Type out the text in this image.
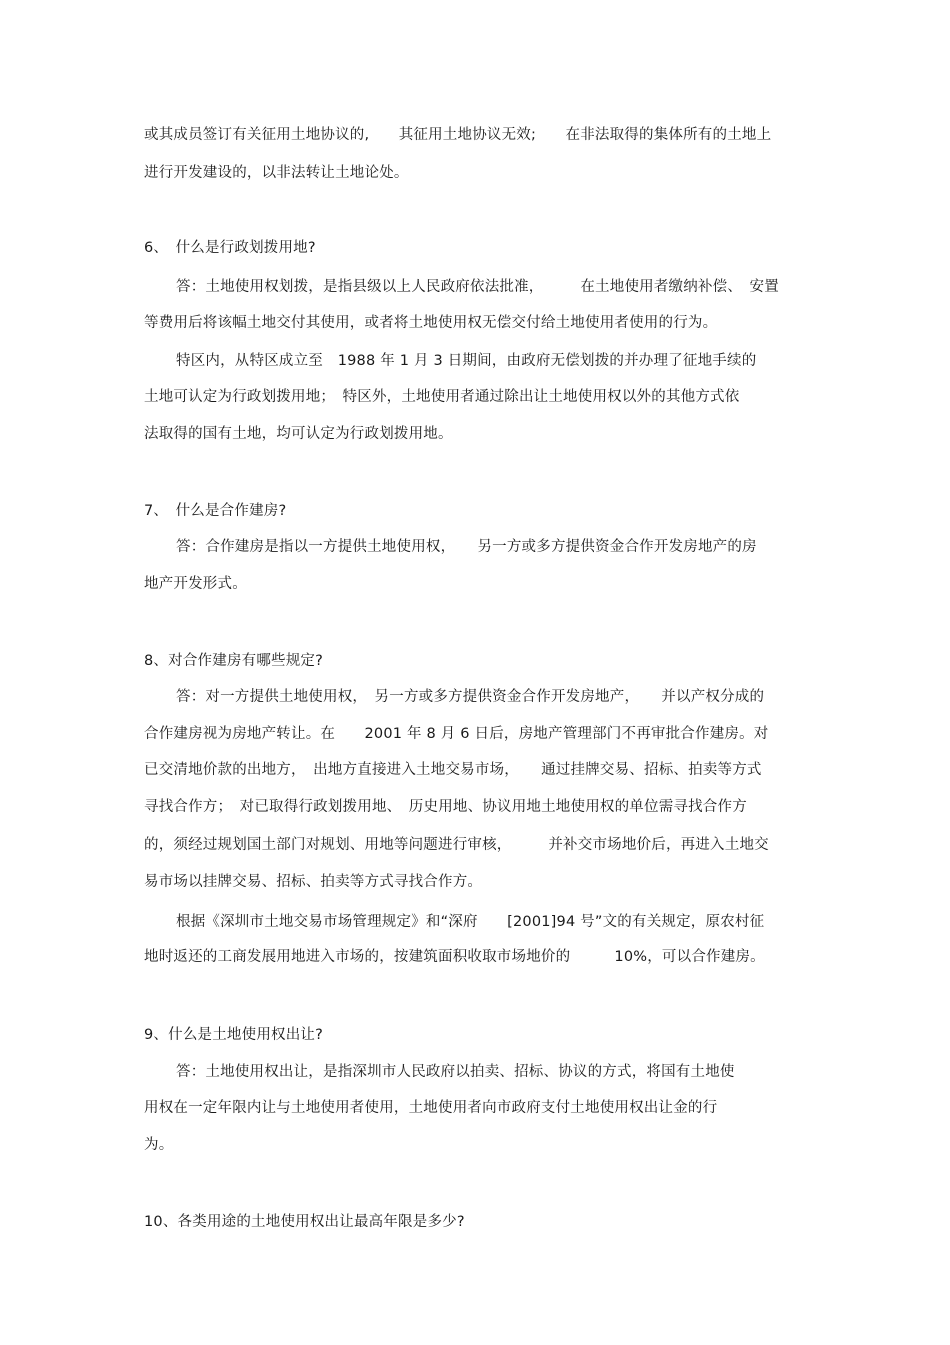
或其成员签订有关征用土地协议的,　　其征用土地协议无效;　　在非法取得的集体所有的土地上
进行开发建设的，以非法转让土地论处。
6、　什么是行政划拨用地?
答：土地使用权划拨，是指县级以上人民政府依法批准，　　　在土地使用者缴纳补偿、　安置
等费用后将该幅土地交付其使用，或者将土地使用权无偿交付给土地使用者使用的行为。
特区内，从特区成立至　1988 年 1 月 3 日期间，由政府无偿划拨的并办理了征地手续的
土地可认定为行政划拨用地；　特区外，土地使用者通过除出让土地使用权以外的其他方式依
法取得的国有土地，均可认定为行政划拨用地。
7、　什么是合作建房?
答：合作建房是指以一方提供土地使用权，　　另一方或多方提供资金合作开发房地产的房
地产开发形式。
8、对合作建房有哪些规定?
答：对一方提供土地使用权，　另一方或多方提供资金合作开发房地产，　　并以产权分成的
合作建房视为房地产转让。在　　2001 年 8 月 6 日后，房地产管理部门不再审批合作建房。对
已交清地价款的出地方，　出地方直接进入土地交易市场，　　通过挂牌交易、招标、拍卖等方式
寻找合作方；　对已取得行政划拨用地、　历史用地、协议用地土地使用权的单位需寻找合作方
的，须经过规划国土部门对规划、用地等问题进行审核，　　　并补交市场地价后，再进入土地交
易市场以挂牌交易、招标、拍卖等方式寻找合作方。
根据《深圳市土地交易市场管理规定》和“深府　　[2001]94 号”文的有关规定，原农村征
地时返还的工商发展用地进入市场的，按建筑面积收取市场地价的　　　10%，可以合作建房。
9、什么是土地使用权出让?
答：土地使用权出让，是指深圳市人民政府以拍卖、招标、协议的方式，将国有土地使
用权在一定年限内让与土地使用者使用，土地使用者向市政府支付土地使用权出让金的行
为。
10、各类用途的土地使用权出让最高年限是多少?
